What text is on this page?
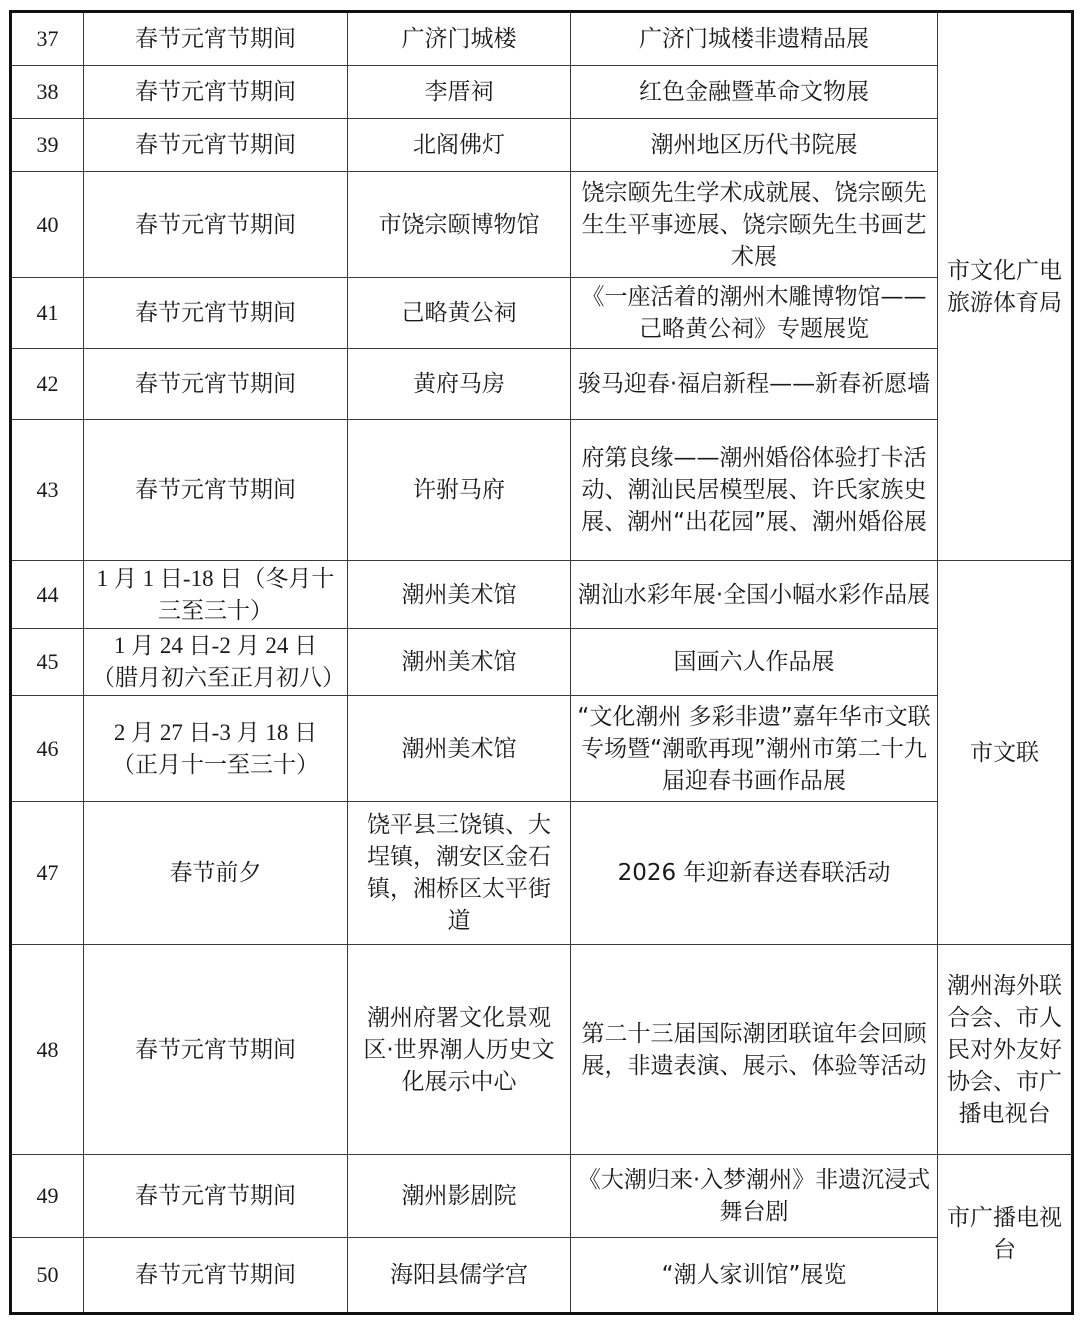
37	春节元宵节期间	广济门城楼	广济门城楼非遗精品展	市文化广电旅游体育局
38	春节元宵节期间	李厝祠	红色金融暨革命文物展	
39	春节元宵节期间	北阁佛灯	潮州地区历代书院展	
40	春节元宵节期间	市饶宗颐博物馆	饶宗颐先生学术成就展、饶宗颐先生生平事迹展、饶宗颐先生书画艺术展	
41	春节元宵节期间	己略黄公祠	《一座活着的潮州木雕博物馆——己略黄公祠》专题展览	
42	春节元宵节期间	黄府马房	骏马迎春·福启新程——新春祈愿墙	
43	春节元宵节期间	许驸马府	府第良缘——潮州婚俗体验打卡活动、潮汕民居模型展、许氏家族史展、潮州“出花园”展、潮州婚俗展	
44	1 月 1 日-18 日（冬月十三至三十）	潮州美术馆	潮汕水彩年展·全国小幅水彩作品展	市文联
45	1 月 24 日-2 月 24 日（腊月初六至正月初八）	潮州美术馆	国画六人作品展	
46	2 月 27 日-3 月 18 日（正月十一至三十）	潮州美术馆	“文化潮州 多彩非遗”嘉年华市文联专场暨“潮歌再现”潮州市第二十九届迎春书画作品展	
47	春节前夕	饶平县三饶镇、大埕镇，潮安区金石镇，湘桥区太平街道	2026 年迎新春送春联活动	
48	春节元宵节期间	潮州府署文化景观区·世界潮人历史文化展示中心	第二十三届国际潮团联谊年会回顾展，非遗表演、展示、体验等活动	潮州海外联合会、市人民对外友好协会、市广播电视台
49	春节元宵节期间	潮州影剧院	《大潮归来·入梦潮州》非遗沉浸式舞台剧	市广播电视台
50	春节元宵节期间	海阳县儒学宫	“潮人家训馆”展览	
